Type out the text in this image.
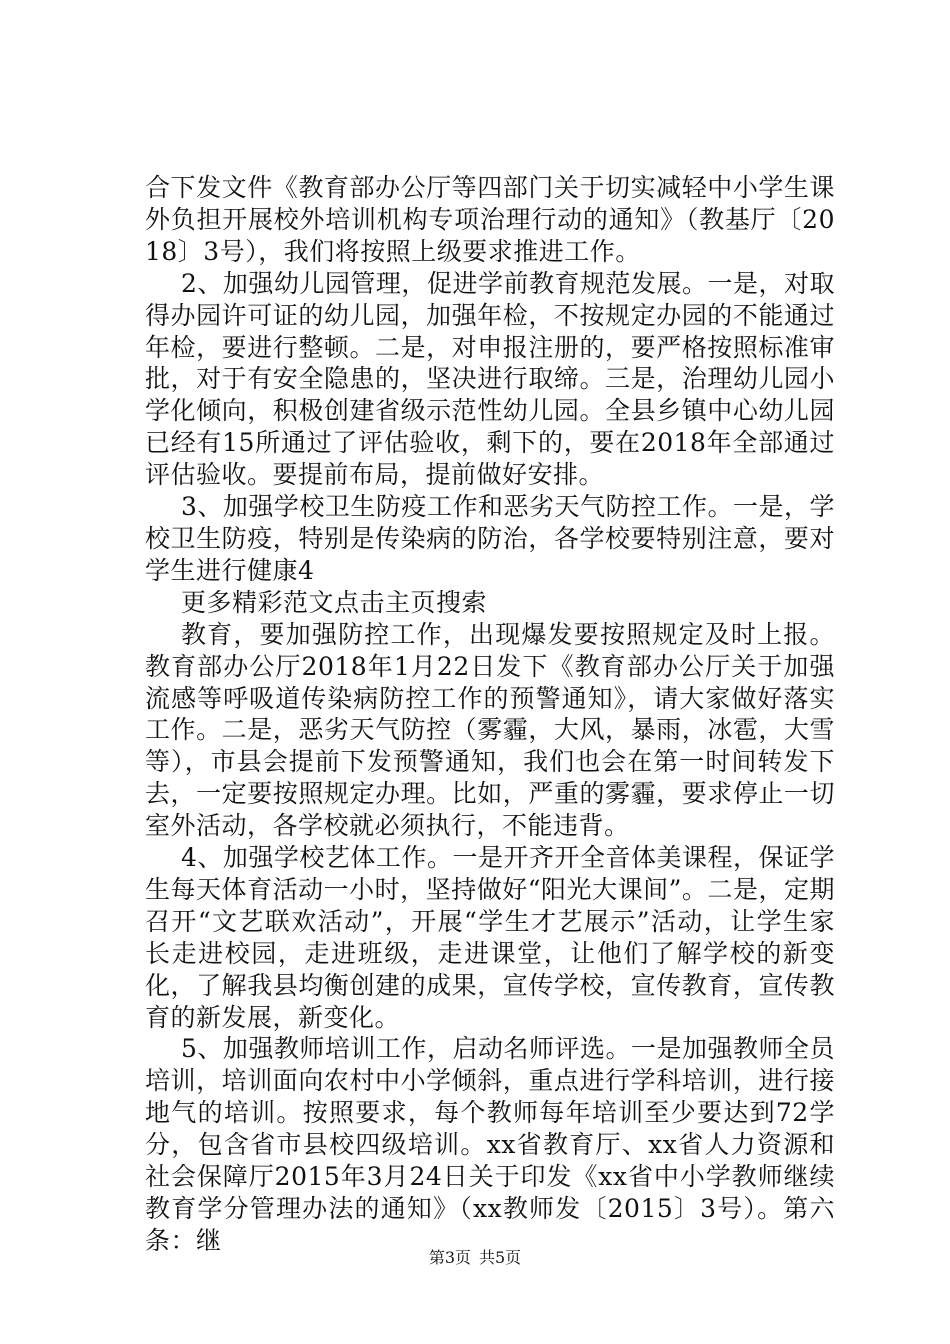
合下发文件《教育部办公厅等四部门关于切实减轻中小学生课外负担开展校外培训机构专项治理行动的通知》（教基厅〔2018〕3号），我们将按照上级要求推进工作。

2、加强幼儿园管理，促进学前教育规范发展。一是，对取得办园许可证的幼儿园，加强年检，不按规定办园的不能通过年检，要进行整顿。二是，对申报注册的，要严格按照标准审批，对于有安全隐患的，坚决进行取缔。三是，治理幼儿园小学化倾向，积极创建省级示范性幼儿园。全县乡镇中心幼儿园已经有15所通过了评估验收，剩下的，要在2018年全部通过评估验收。要提前布局，提前做好安排。

3、加强学校卫生防疫工作和恶劣天气防控工作。一是，学校卫生防疫，特别是传染病的防治，各学校要特别注意，要对学生进行健康4

更多精彩范文点击主页搜索

教育，要加强防控工作，出现爆发要按照规定及时上报。教育部办公厅2018年1月22日发下《教育部办公厅关于加强流感等呼吸道传染病防控工作的预警通知》，请大家做好落实工作。二是，恶劣天气防控（雾霾，大风，暴雨，冰雹，大雪等），市县会提前下发预警通知，我们也会在第一时间转发下去，一定要按照规定办理。比如，严重的雾霾，要求停止一切室外活动，各学校就必须执行，不能违背。

4、加强学校艺体工作。一是开齐开全音体美课程，保证学生每天体育活动一小时，坚持做好“阳光大课间”。二是，定期召开“文艺联欢活动”，开展“学生才艺展示”活动，让学生家长走进校园，走进班级，走进课堂，让他们了解学校的新变化，了解我县均衡创建的成果，宣传学校，宣传教育，宣传教育的新发展，新变化。

5、加强教师培训工作，启动名师评选。一是加强教师全员培训，培训面向农村中小学倾斜，重点进行学科培训，进行接地气的培训。按照要求，每个教师每年培训至少要达到72学分，包含省市县校四级培训。xx省教育厅、xx省人力资源和社会保障厅2015年3月24日关于印发《xx省中小学教师继续教育学分管理办法的通知》（xx教师发〔2015〕3号）。第六条：继

第3页 共5页
